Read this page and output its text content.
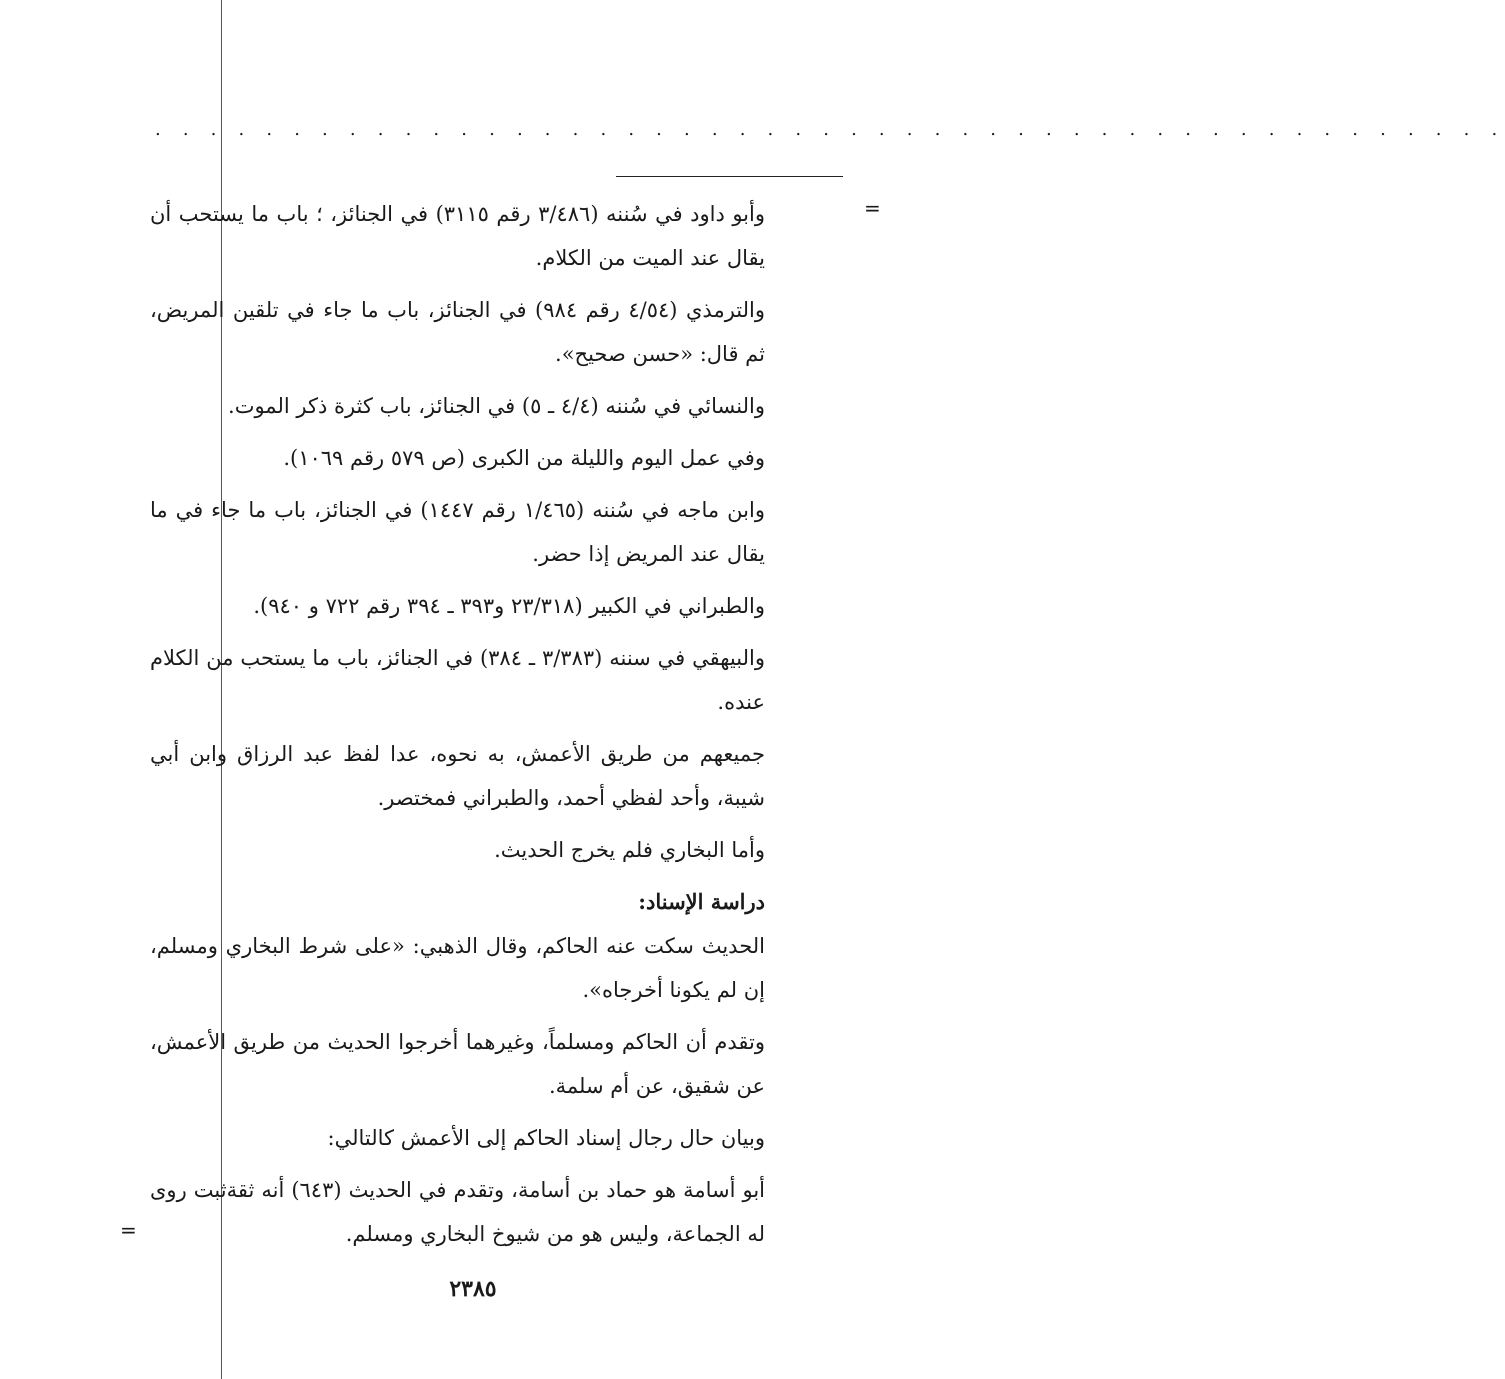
. . . . . . . . . . . . . . . . . . . . . . . . . . . . . . . . . . . . . . . . . . . . . . . . .
=
=

وأبو داود في سُننه (٣/٤٨٦ رقم ٣١١٥) في الجنائز، ؛ باب ما يستحب أن يقال عند الميت من الكلام.

والترمذي (٤/٥٤ رقم ٩٨٤) في الجنائز، باب ما جاء في تلقين المريض، ثم قال: «حسن صحيح».

والنسائي في سُننه (٤/٤ ـ ٥) في الجنائز، باب كثرة ذكر الموت.

وفي عمل اليوم والليلة من الكبرى (ص ٥٧٩ رقم ١٠٦٩).

وابن ماجه في سُننه (١/٤٦٥ رقم ١٤٤٧) في الجنائز، باب ما جاء في ما يقال عند المريض إذا حضر.

والطبراني في الكبير (٢٣/٣١٨ و٣٩٣ ـ ٣٩٤ رقم ٧٢٢ و ٩٤٠).

والبيهقي في سننه (٣/٣٨٣ ـ ٣٨٤) في الجنائز، باب ما يستحب من الكلام عنده.

جميعهم من طريق الأعمش، به نحوه، عدا لفظ عبد الرزاق وابن أبي شيبة، وأحد لفظي أحمد، والطبراني فمختصر.

وأما البخاري فلم يخرج الحديث.

دراسة الإسناد:

الحديث سكت عنه الحاكم، وقال الذهبي: «على شرط البخاري ومسلم، إن لم يكونا أخرجاه».

وتقدم أن الحاكم ومسلماً، وغيرهما أخرجوا الحديث من طريق الأعمش، عن شقيق، عن أم سلمة.

وبيان حال رجال إسناد الحاكم إلى الأعمش كالتالي:

أبو أسامة هو حماد بن أسامة، وتقدم في الحديث (٦٤٣) أنه ثقةثبت روى له الجماعة، وليس هو من شيوخ البخاري ومسلم.

٢٣٨٥
